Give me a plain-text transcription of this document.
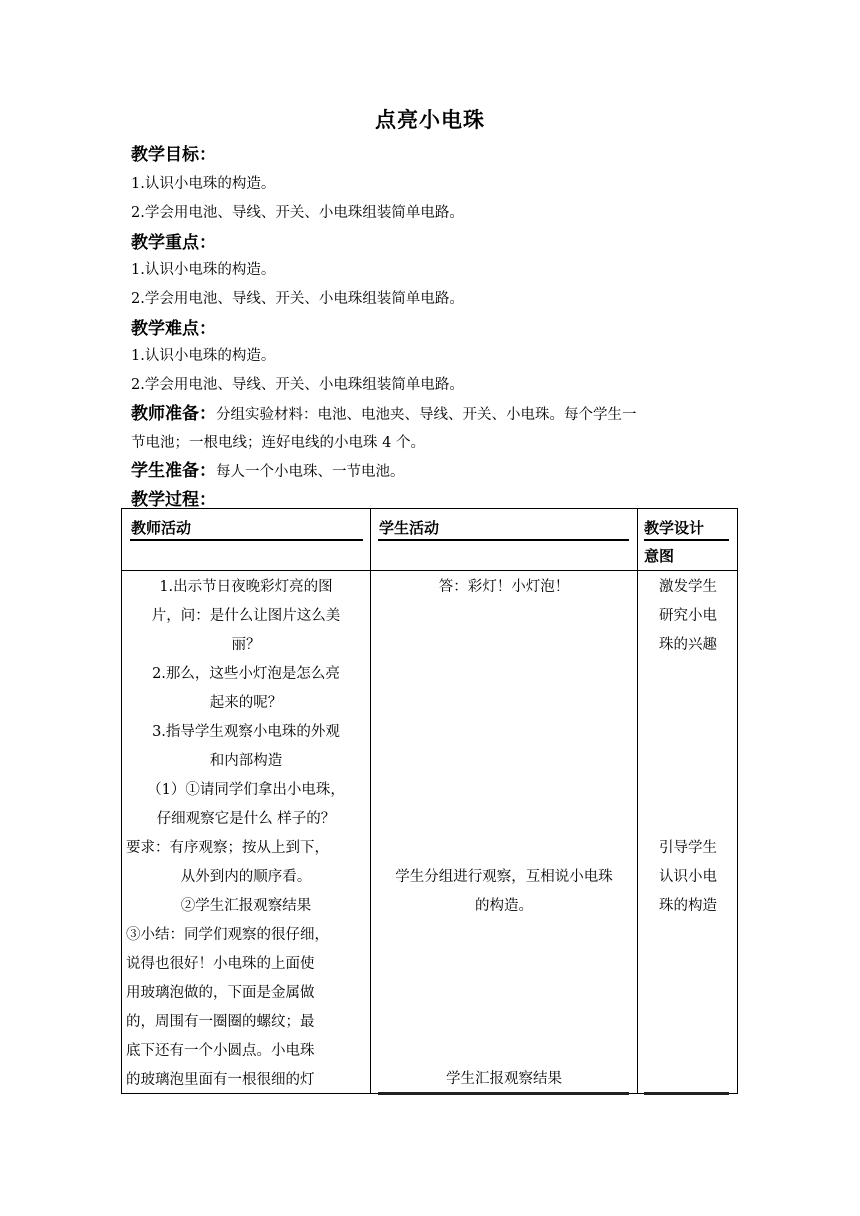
点亮小电珠
教学目标：
1.认识小电珠的构造。
2.学会用电池、导线、开关、小电珠组装简单电路。
教学重点：
1.认识小电珠的构造。
2.学会用电池、导线、开关、小电珠组装简单电路。
教学难点：
1.认识小电珠的构造。
2.学会用电池、导线、开关、小电珠组装简单电路。
教师准备：分组实验材料：电池、电池夹、导线、开关、小电珠。每个学生一
节电池；一根电线；连好电线的小电珠 4 个。
学生准备：每人一个小电珠、一节电池。
教学过程：
教师活动	学生活动	教学设计
意图
1.出示节日夜晚彩灯亮的图
片，问：是什么让图片这么美
丽？
2.那么，这些小灯泡是怎么亮
起来的呢？
3.指导学生观察小电珠的外观
和内部构造
（1）①请同学们拿出小电珠，
仔细观察它是什么 样子的？
要求：有序观察；按从上到下，
从外到内的顺序看。
②学生汇报观察结果
③小结：同学们观察的很仔细，
说得也很好！小电珠的上面使
用玻璃泡做的，下面是金属做
的，周围有一圈圈的螺纹；最
底下还有一个小圆点。小电珠
的玻璃泡里面有一根很细的灯
答：彩灯！小灯泡！
学生分组进行观察，互相说小电珠
的构造。
学生汇报观察结果
激发学生
研究小电
珠的兴趣
引导学生
认识小电
珠的构造
